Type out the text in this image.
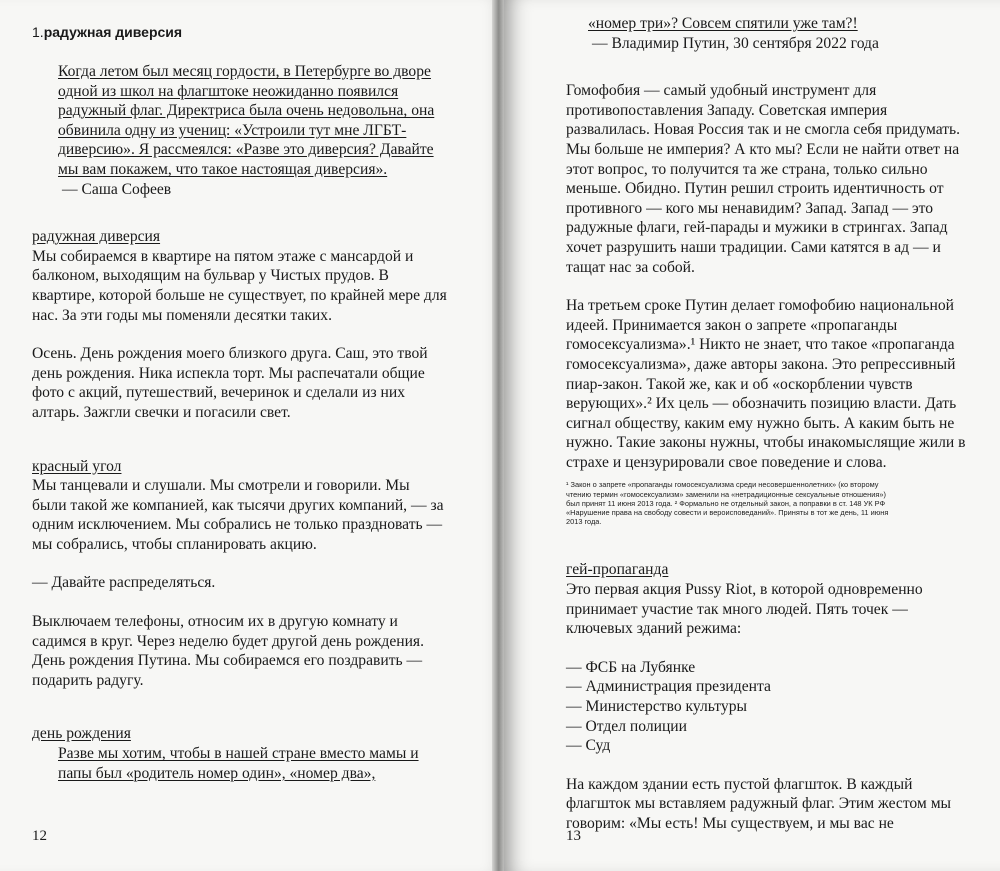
1.радужная диверсия

Когда летом был месяц гордости, в Петербурге во дворе одной из школ на флагштоке неожиданно появился радужный флаг. Директриса была очень недовольна, она обвинила одну из учениц: «Устроили тут мне ЛГБТ-диверсию». Я рассмеялся: «Разве это диверсия? Давайте мы вам покажем, что такое настоящая диверсия».

— Саша Софеев

радужная диверсия

Мы собираемся в квартире на пятом этаже с мансардой и балконом, выходящим на бульвар у Чистых прудов. В квартире, которой больше не существует, по крайней мере для нас. За эти годы мы поменяли десятки таких.

Осень. День рождения моего близкого друга. Саш, это твой день рождения. Ника испекла торт. Мы распечатали общие фото с акций, путешествий, вечеринок и сделали из них алтарь. Зажгли свечки и погасили свет.

красный угол

Мы танцевали и слушали. Мы смотрели и говорили. Мы были такой же компанией, как тысячи других компаний, — за одним исключением. Мы собрались не только праздновать — мы собрались, чтобы спланировать акцию.

— Давайте распределяться.

Выключаем телефоны, относим их в другую комнату и садимся в круг. Через неделю будет другой день рождения. День рождения Путина. Мы собираемся его поздравить — подарить радугу.

день рождения

Разве мы хотим, чтобы в нашей стране вместо мамы и папы был «родитель номер один», «номер два»,

12

«номер три»? Совсем спятили уже там?!

— Владимир Путин, 30 сентября 2022 года

Гомофобия — самый удобный инструмент для противопоставления Западу. Советская империя развалилась. Новая Россия так и не смогла себя придумать. Мы больше не империя? А кто мы? Если не найти ответ на этот вопрос, то получится та же страна, только сильно меньше. Обидно. Путин решил строить идентичность от противного — кого мы ненавидим? Запад. Запад — это радужные флаги, гей-парады и мужики в стрингах. Запад хочет разрушить наши традиции. Сами катятся в ад — и тащат нас за собой.

На третьем сроке Путин делает гомофобию национальной идеей. Принимается закон о запрете «пропаганды гомосексуализма».¹ Никто не знает, что такое «пропаганда гомосексуализма», даже авторы закона. Это репрессивный пиар-закон. Такой же, как и об «оскорблении чувств верующих».² Их цель — обозначить позицию власти. Дать сигнал обществу, каким ему нужно быть. А каким быть не нужно. Такие законы нужны, чтобы инакомыслящие жили в страхе и цензурировали свое поведение и слова.

¹ Закон о запрете «пропаганды гомосексуализма среди несовершеннолетних» (ко второму чтению термин «гомосексуализм» заменили на «нетрадиционные сексуальные отношения») был принят 11 июня 2013 года. ² Формально не отдельный закон, а поправки в ст. 148 УК РФ «Нарушение права на свободу совести и вероисповеданий». Приняты в тот же день, 11 июня 2013 года.

гей-пропаганда

Это первая акция Pussy Riot, в которой одновременно принимает участие так много людей. Пять точек — ключевых зданий режима:

— ФСБ на Лубянке
— Администрация президента
— Министерство культуры
— Отдел полиции
— Суд

На каждом здании есть пустой флагшток. В каждый флагшток мы вставляем радужный флаг. Этим жестом мы говорим: «Мы есть! Мы существуем, и мы вас не

13
